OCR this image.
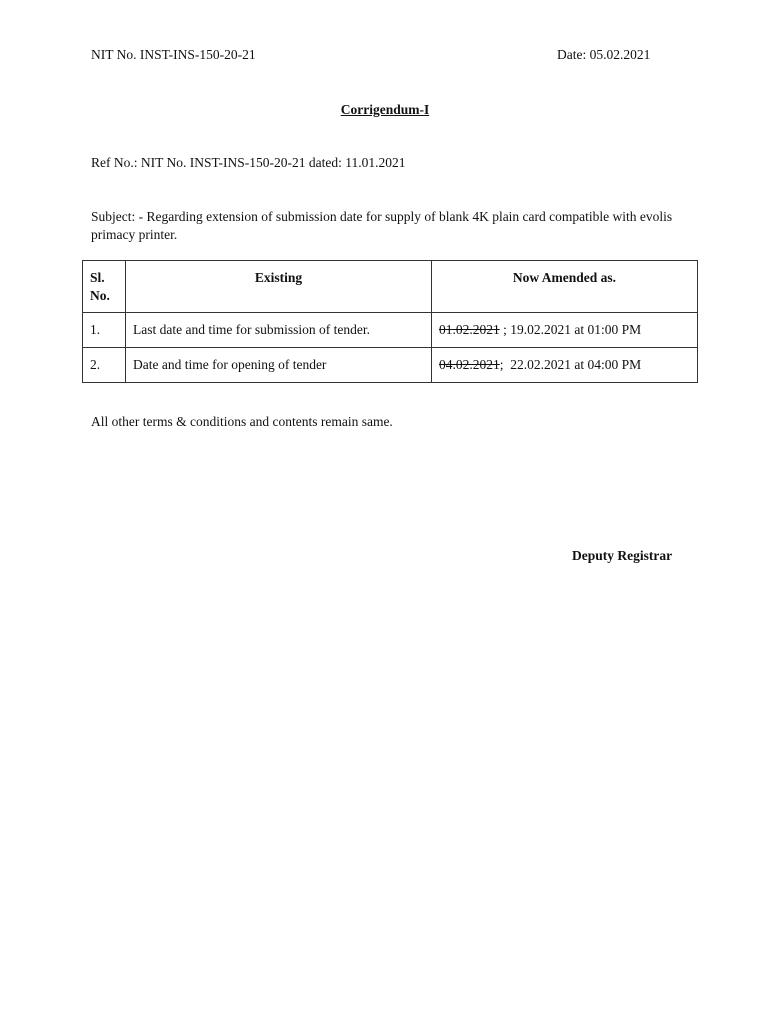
NIT No. INST-INS-150-20-21	Date: 05.02.2021
Corrigendum-I
Ref No.: NIT No. INST-INS-150-20-21 dated: 11.01.2021
Subject: - Regarding extension of submission date for supply of blank 4K plain card compatible with evolis primacy printer.
Sl.
No.	Existing	Now Amended as.
1.	Last date and time for submission of tender.	01.02.2021 ; 19.02.2021 at 01:00 PM
2.	Date and time for opening of tender	04.02.2021;  22.02.2021 at 04:00 PM
All other terms & conditions and contents remain same.
Deputy Registrar
